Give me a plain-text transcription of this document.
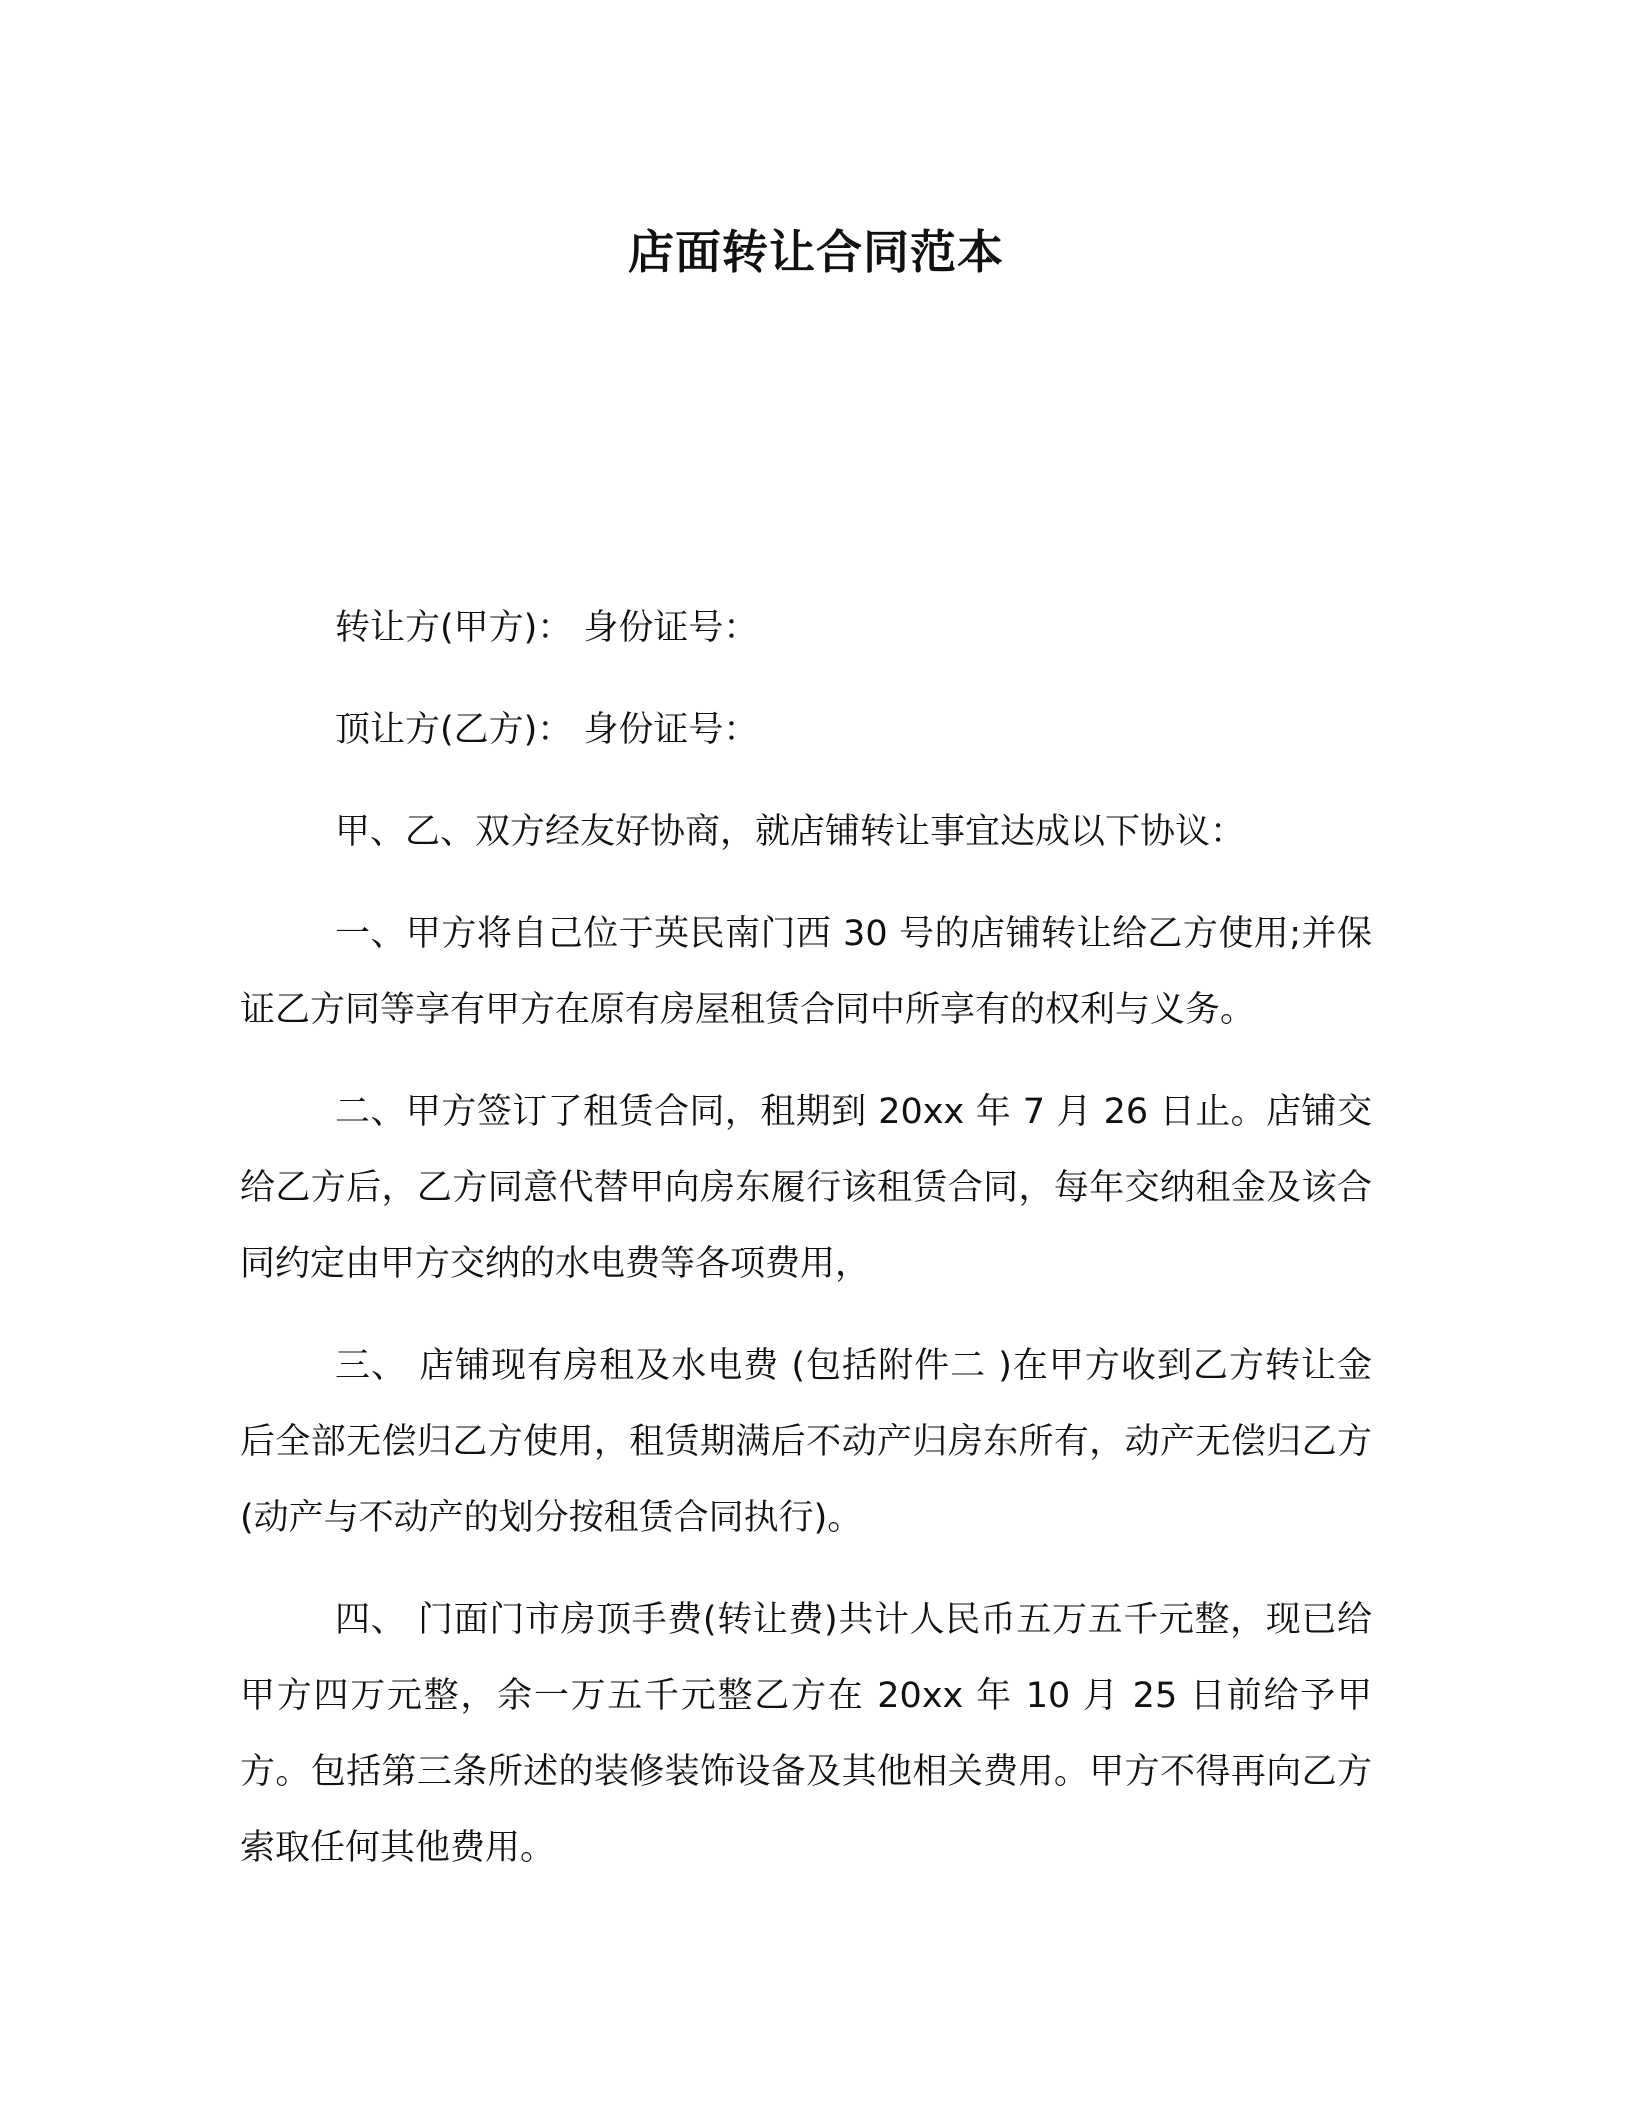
店面转让合同范本

转让方(甲方)： 身份证号：

顶让方(乙方)： 身份证号：

甲、乙、双方经友好协商，就店铺转让事宜达成以下协议：

一、甲方将自己位于英民南门西 30 号的店铺转让给乙方使用;并保证乙方同等享有甲方在原有房屋租赁合同中所享有的权利与义务。

二、甲方签订了租赁合同，租期到 20xx 年 7 月 26 日止。店铺交给乙方后，乙方同意代替甲向房东履行该租赁合同，每年交纳租金及该合同约定由甲方交纳的水电费等各项费用，

三、 店铺现有房租及水电费 (包括附件二 )在甲方收到乙方转让金后全部无偿归乙方使用，租赁期满后不动产归房东所有，动产无偿归乙方(动产与不动产的划分按租赁合同执行)。

四、 门面门市房顶手费(转让费)共计人民币五万五千元整，现已给甲方四万元整，余一万五千元整乙方在 20xx 年 10 月 25 日前给予甲方。包括第三条所述的装修装饰设备及其他相关费用。甲方不得再向乙方索取任何其他费用。
